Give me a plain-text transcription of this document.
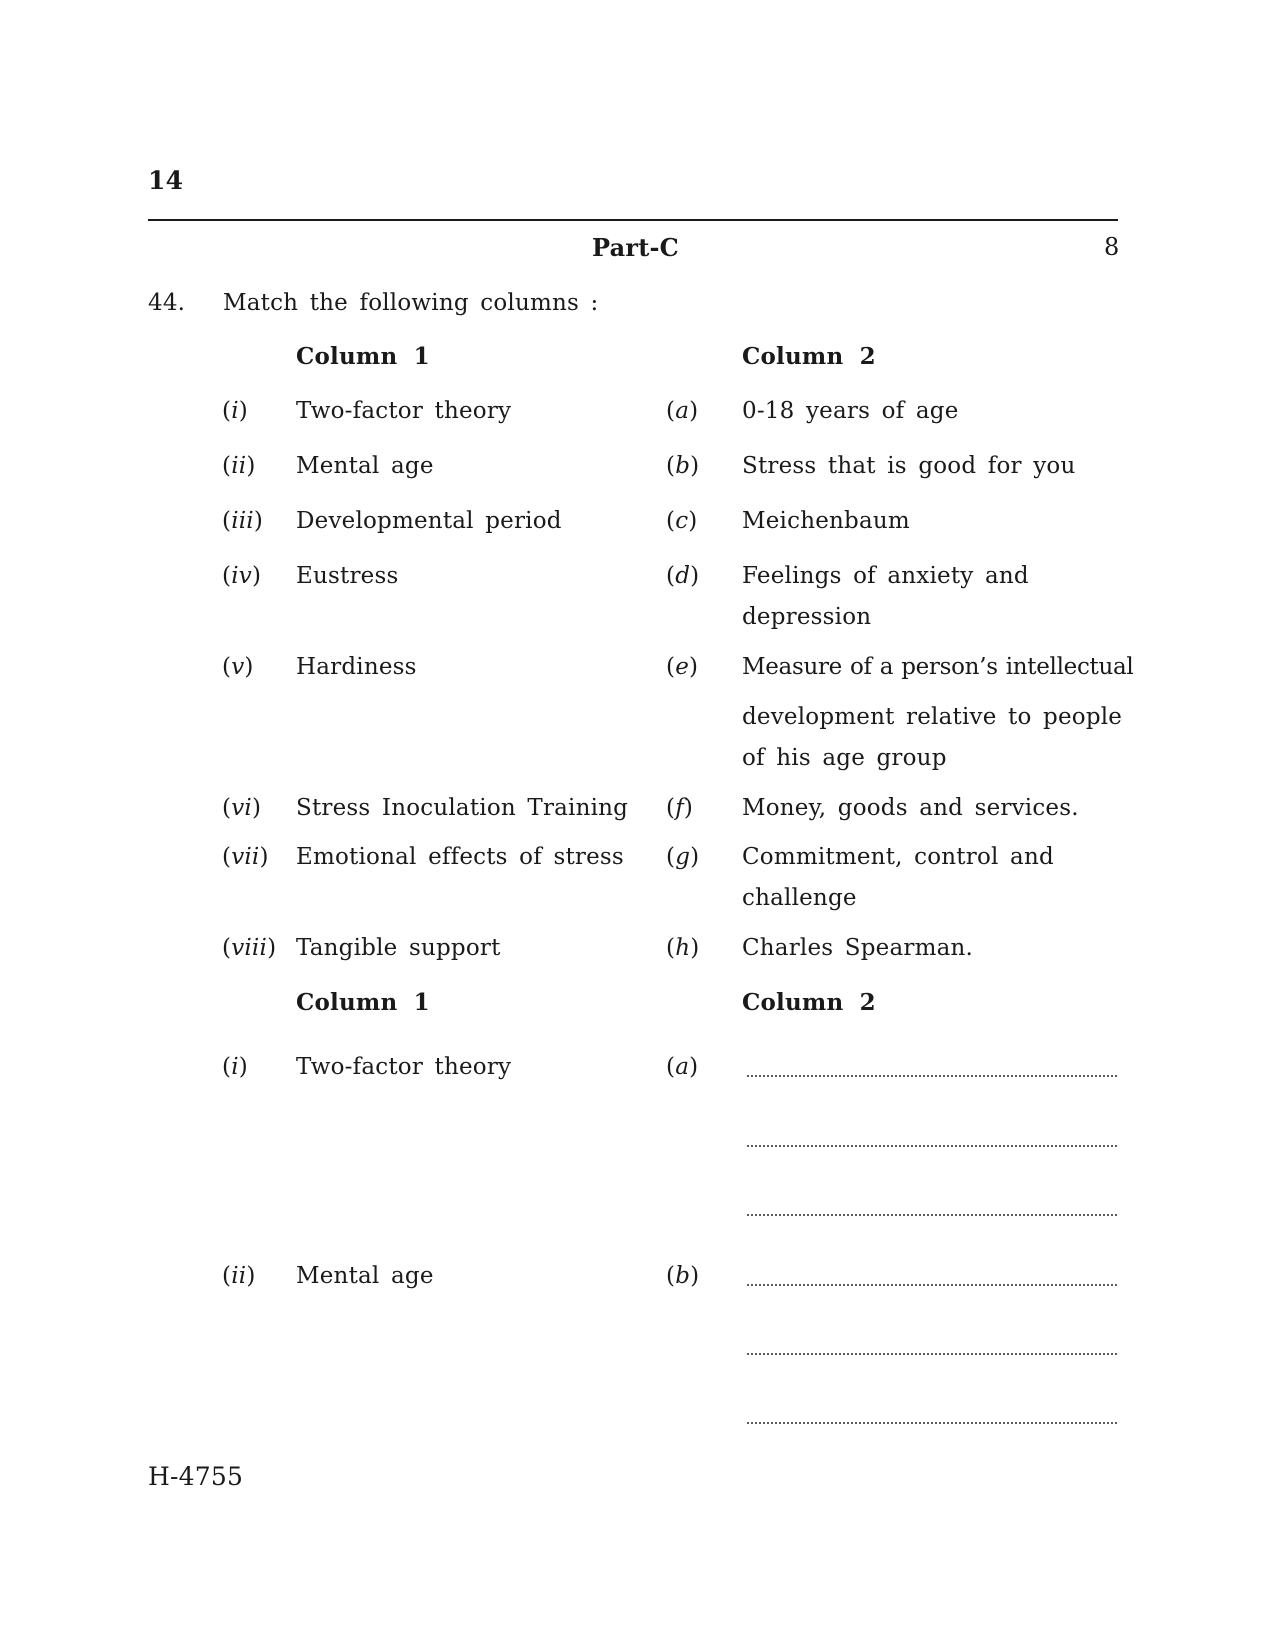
14
Part-C	8
44. Match the following columns :
Column 1	Column 2
(i) Two-factor theory	(a) 0-18 years of age
(ii) Mental age	(b) Stress that is good for you
(iii) Developmental period	(c) Meichenbaum
(iv) Eustress	(d) Feelings of anxiety and
depression
(v) Hardiness	(e) Measure of a person’s intellectual
development relative to people
of his age group
(vi) Stress Inoculation Training (f) Money, goods and services.
(vii) Emotional effects of stress (g) Commitment, control and
challenge
(viii) Tangible support	(h) Charles Spearman.
Column 1	Column 2
(i) Two-factor theory	(a)
(ii) Mental age	(b)
H-4755
